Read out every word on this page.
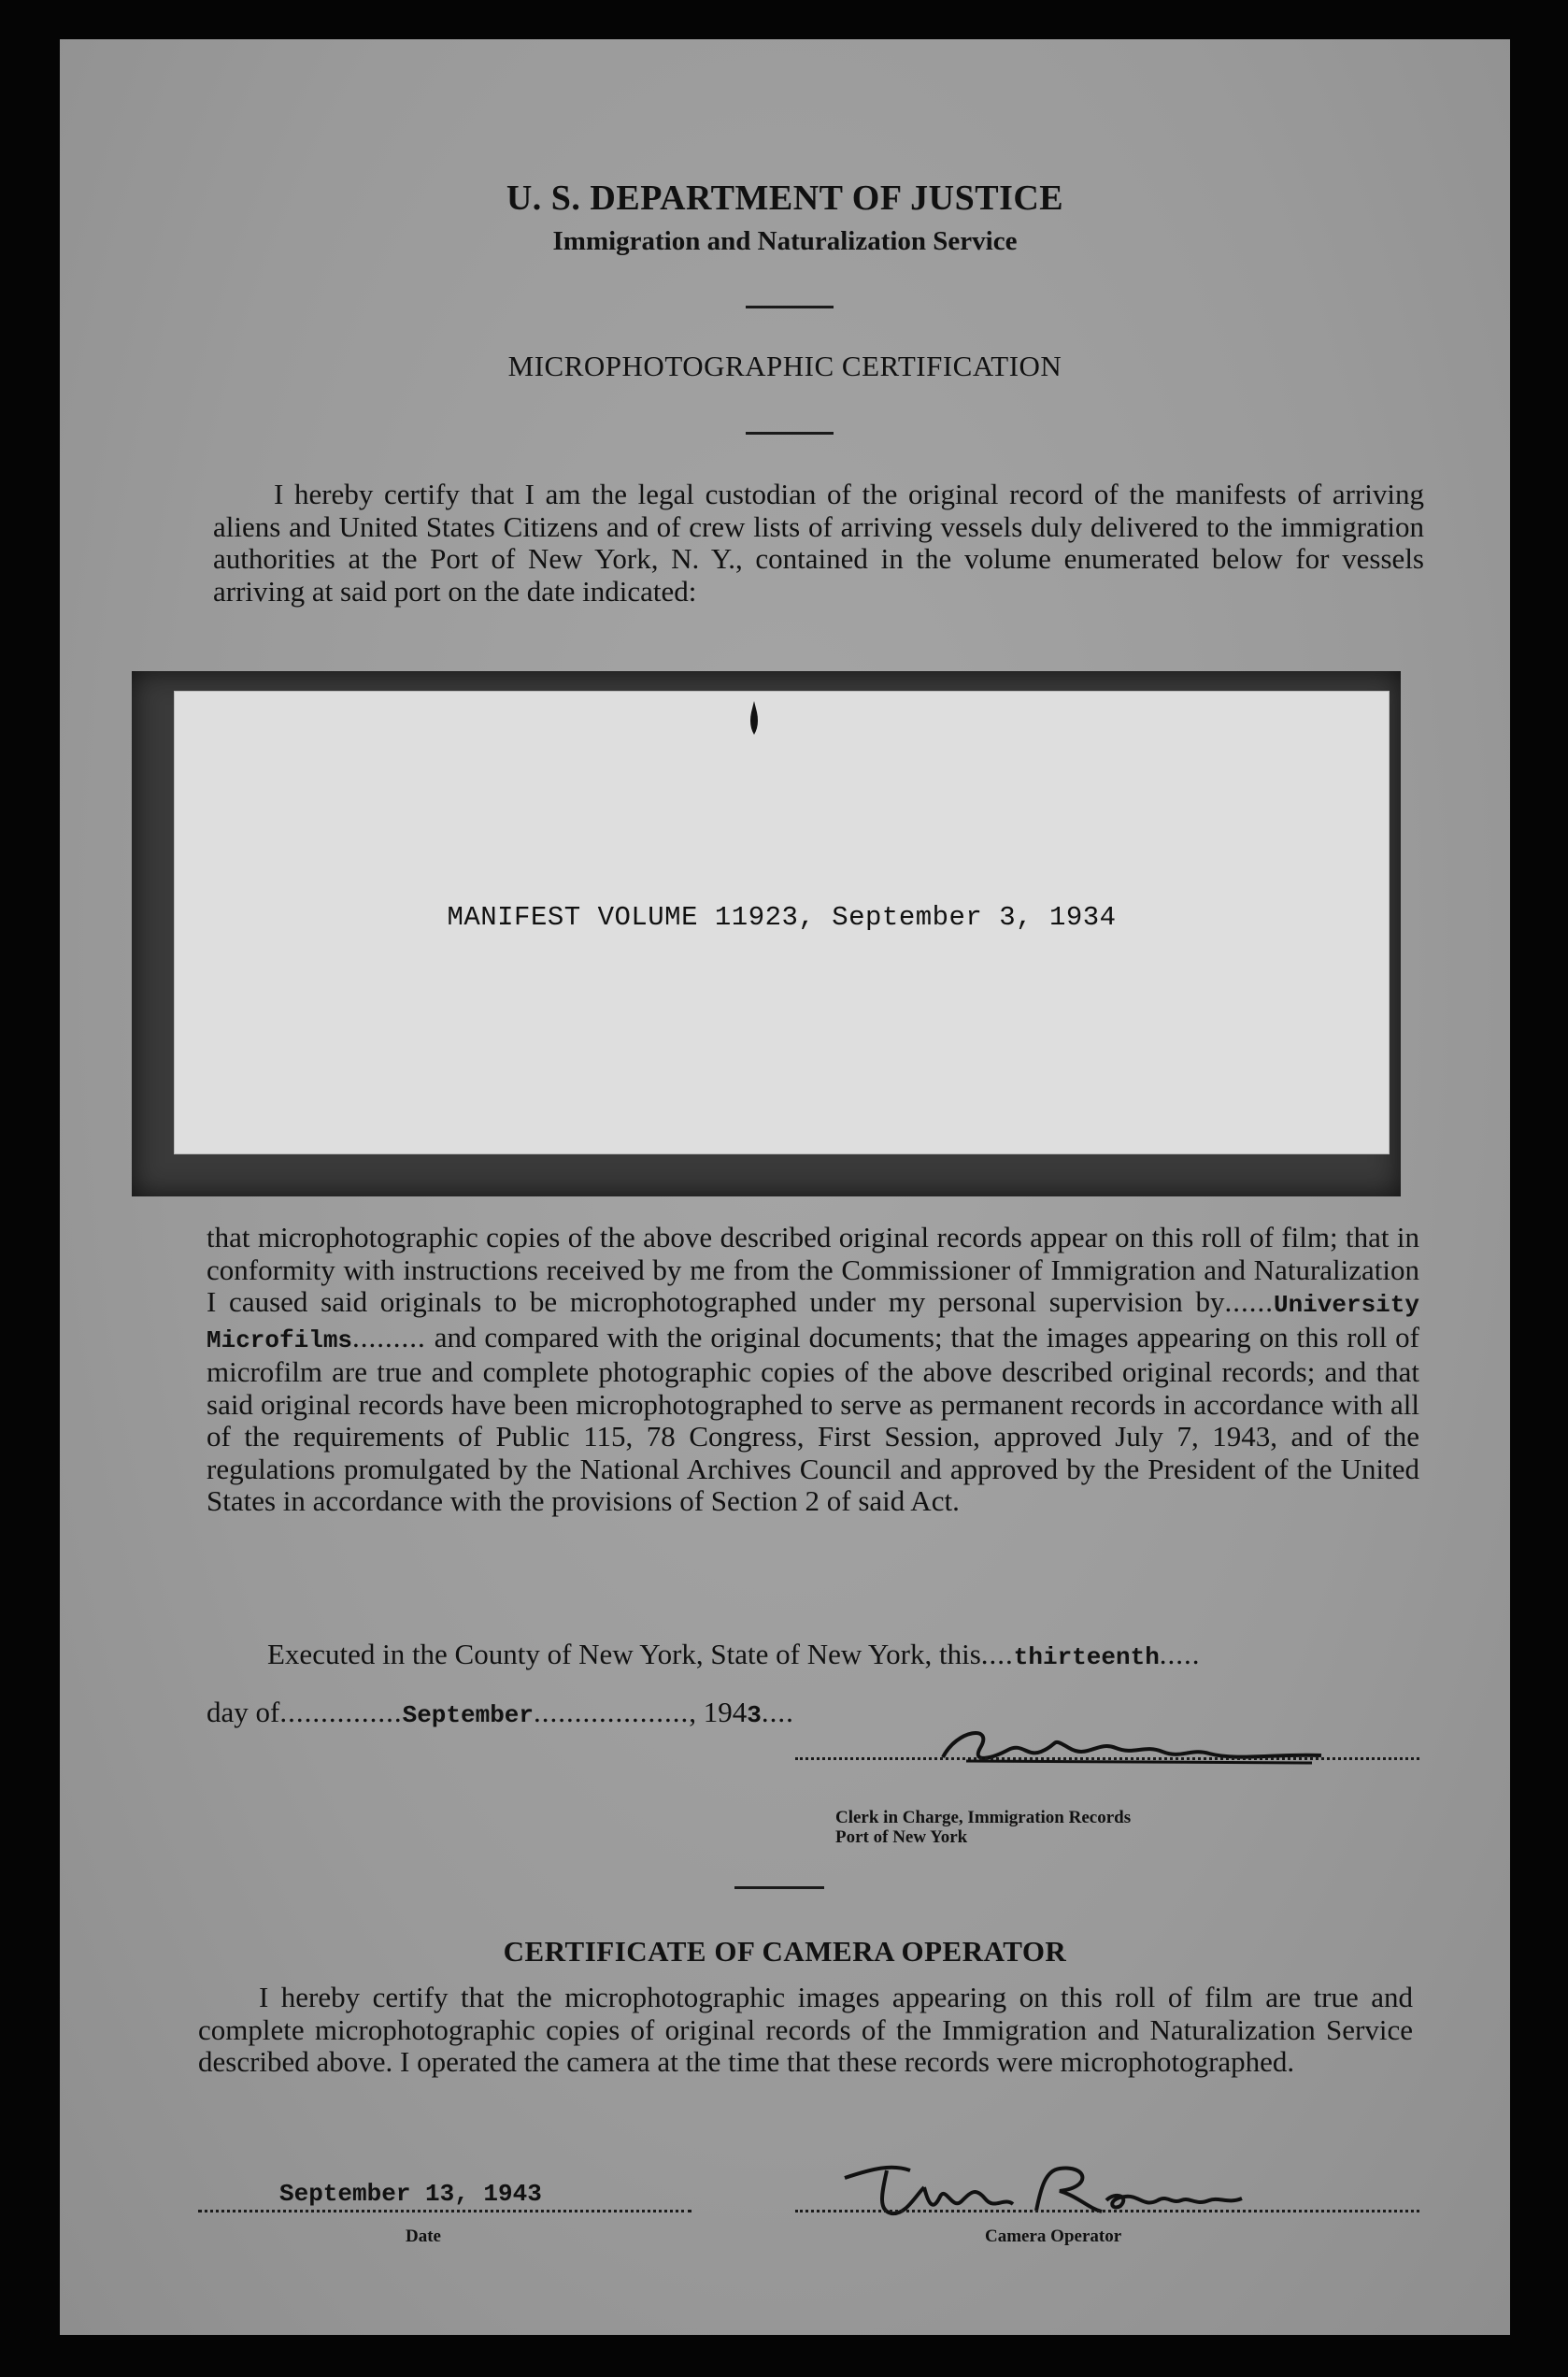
U. S. DEPARTMENT OF JUSTICE
Immigration and Naturalization Service
MICROPHOTOGRAPHIC CERTIFICATION
I hereby certify that I am the legal custodian of the original record of the manifests of arriving aliens and United States Citizens and of crew lists of arriving vessels duly delivered to the immigration authorities at the Port of New York, N. Y., contained in the volume enumerated below for vessels arriving at said port on the date indicated:
MANIFEST VOLUME 11923, September 3, 1934
that microphotographic copies of the above described original records appear on this roll of film; that in conformity with instructions received by me from the Commissioner of Immigration and Naturalization I caused said originals to be microphotographed under my personal supervision by......University Microfilms......... and compared with the original documents; that the images appearing on this roll of microfilm are true and complete photographic copies of the above described original records; and that said original records have been microphotographed to serve as permanent records in accordance with all of the requirements of Public 115, 78 Congress, First Session, approved July 7, 1943, and of the regulations promulgated by the National Archives Council and approved by the President of the United States in accordance with the provisions of Section 2 of said Act.
Executed in the County of New York, State of New York, this....thirteenth.....
day of...............September..................., 1943....
Clerk in Charge, Immigration Records
Port of New York
CERTIFICATE OF CAMERA OPERATOR
I hereby certify that the microphotographic images appearing on this roll of film are true and complete microphotographic copies of original records of the Immigration and Naturalization Service described above. I operated the camera at the time that these records were microphotographed.
September 13, 1943
Date	Camera Operator
